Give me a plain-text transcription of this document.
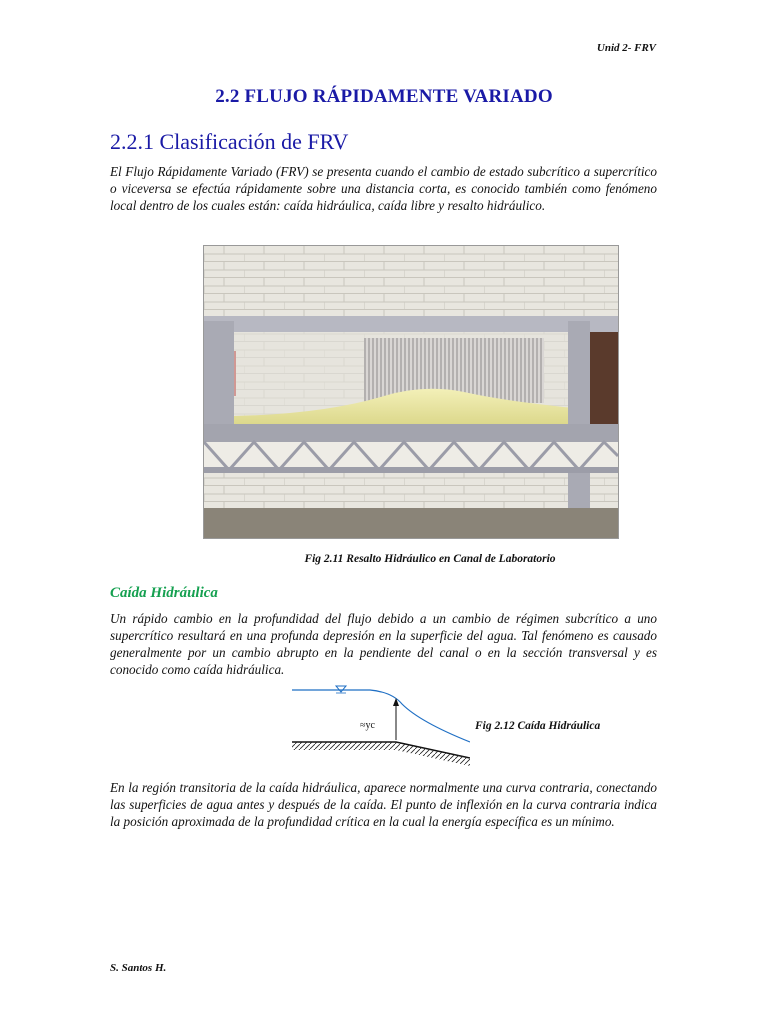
Unid 2- FRV
2.2 FLUJO RÁPIDAMENTE VARIADO
2.2.1 Clasificación de FRV
El Flujo Rápidamente Variado (FRV) se presenta cuando el cambio de estado subcrítico a supercrítico o viceversa se efectúa rápidamente sobre una distancia corta, es conocido también como fenómeno local dentro de los cuales están: caída hidráulica, caída libre y resalto hidráulico.
Fig 2.11 Resalto Hidráulico en Canal de Laboratorio
Caída Hidráulica
Un rápido cambio en la profundidad del flujo debido a un cambio de régimen subcrítico a uno supercrítico resultará en una profunda depresión en la superficie del agua. Tal fenómeno es causado generalmente por un cambio abrupto en la pendiente del canal o en la sección transversal y es conocido como caída hidráulica.
≈yc	Fig 2.12 Caída Hidráulica
En la región transitoria de la caída hidráulica, aparece normalmente una curva contraria, conectando las superficies de agua antes y después de la caída. El punto de inflexión en la curva contraria indica la posición aproximada de la profundidad crítica en la cual la energía específica es un mínimo.
S. Santos H.
